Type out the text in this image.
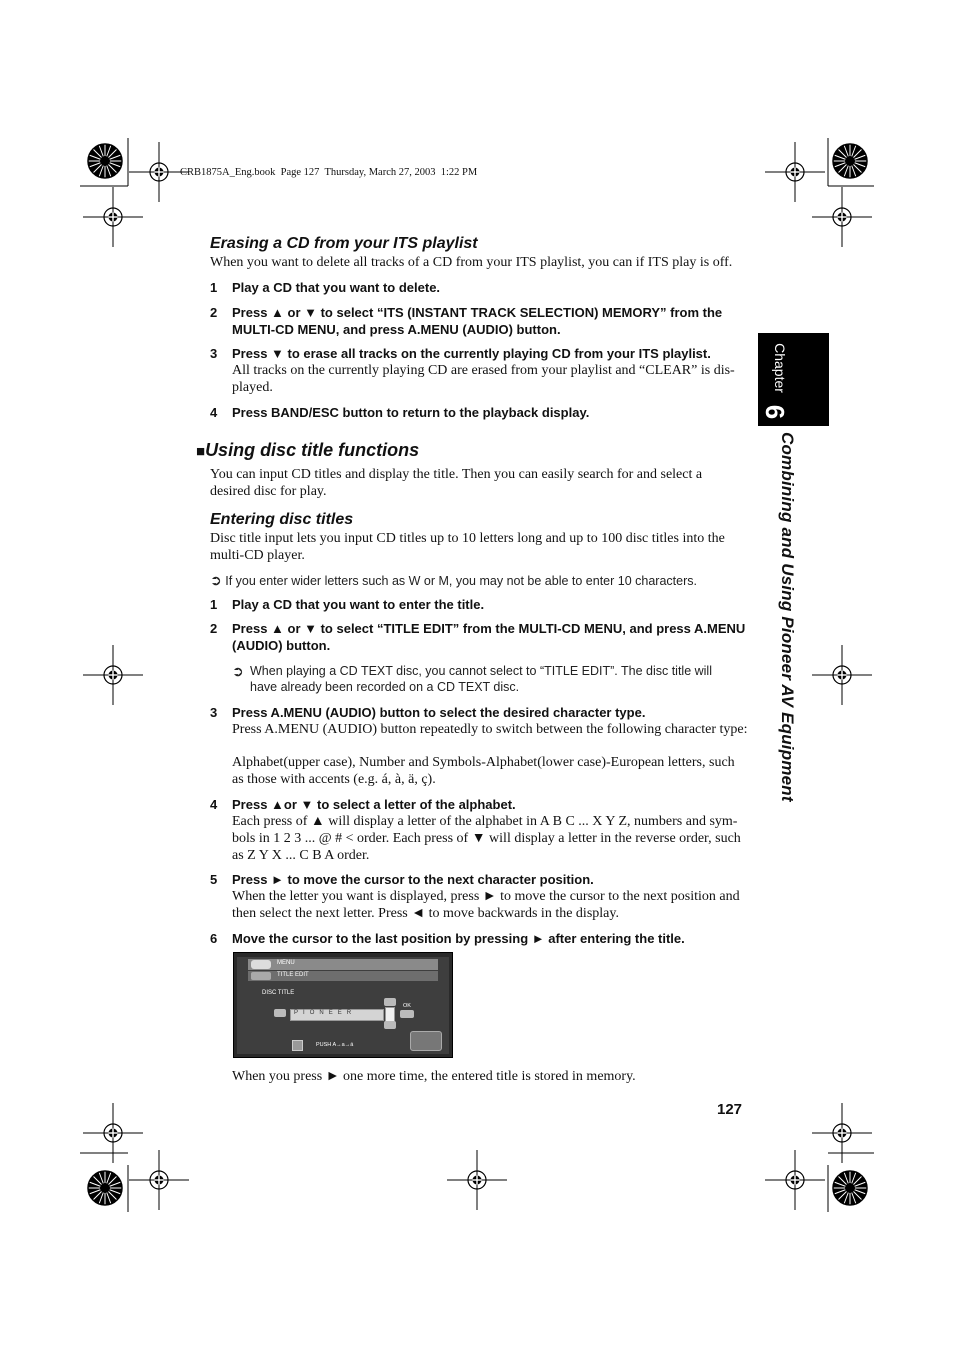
CRB1875A_Eng.book  Page 127  Thursday, March 27, 2003  1:22 PM
Chapter
6
Combining and Using Pioneer AV Equipment
Erasing a CD from your ITS playlist
When you want to delete all tracks of a CD from your ITS playlist, you can if ITS play is off.
1 Play a CD that you want to delete.
2 Press ▲ or ▼ to select “ITS (INSTANT TRACK SELECTION) MEMORY” from the MULTI-CD MENU, and press A.MENU (AUDIO) button.
3 Press ▼ to erase all tracks on the currently playing CD from your ITS playlist.
All tracks on the currently playing CD are erased from your playlist and “CLEAR” is dis-played.
4 Press BAND/ESC button to return to the playback display.
■Using disc title functions
You can input CD titles and display the title. Then you can easily search for and select a desired disc for play.
Entering disc titles
Disc title input lets you input CD titles up to 10 letters long and up to 100 disc titles into the multi-CD player.
➲ If you enter wider letters such as W or M, you may not be able to enter 10 characters.
1 Play a CD that you want to enter the title.
2 Press ▲ or ▼ to select “TITLE EDIT” from the MULTI-CD MENU, and press A.MENU (AUDIO) button.
➲ When playing a CD TEXT disc, you cannot select to “TITLE EDIT”. The disc title will have already been recorded on a CD TEXT disc.
3 Press A.MENU (AUDIO) button to select the desired character type.
Press A.MENU (AUDIO) button repeatedly to switch between the following character type:
Alphabet(upper case), Number and Symbols-Alphabet(lower case)-European letters, such as those with accents (e.g. á, à, ä, ç).
4 Press ▲or ▼ to select a letter of the alphabet.
Each press of ▲ will display a letter of the alphabet in A B C ... X Y Z, numbers and sym-bols in 1 2 3 ... @ # < order. Each press of ▼ will display a letter in the reverse order, such as Z Y X ... C B A order.
5 Press ► to move the cursor to the next character position.
When the letter you want is displayed, press ► to move the cursor to the next position and then select the next letter. Press ◄ to move backwards in the display.
6 Move the cursor to the last position by pressing ► after entering the title.
MENU
TITLE EDIT
DISC TITLE
OK
P I O N E E R
PUSH A→a→á
When you press ► one more time, the entered title is stored in memory.
127
